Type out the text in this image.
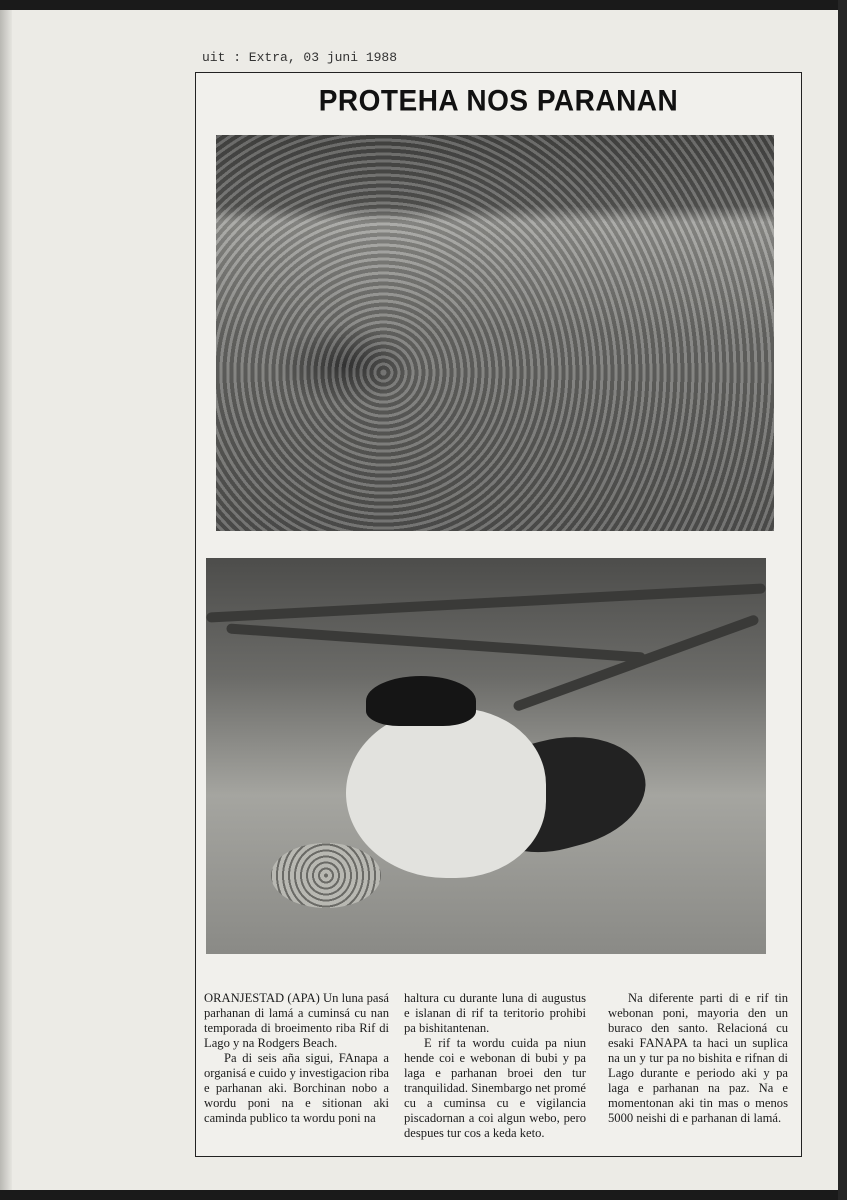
uit : Extra, 03 juni 1988
PROTEHA NOS PARANAN

ORANJESTAD (APA) Un luna pasá parhanan di lamá a cuminsá cu nan temporada di broeimento riba Rif di Lago y na Rodgers Beach.

Pa di seis aña sigui, FAnapa a organisá e cuido y investigacion riba e parhanan aki. Borchinan nobo a wordu poni na e sitionan aki caminda publico ta wordu poni na

haltura cu durante luna di augustus e islanan di rif ta teritorio prohibi pa bishitantenan.

E rif ta wordu cuida pa niun hende coi e webonan di bubi y pa laga e parhanan broei den tur tranquilidad. Sinembargo net promé cu a cuminsa cu e vigilancia piscadornan a coi algun webo, pero despues tur cos a keda keto.

Na diferente parti di e rif tin webonan poni, mayoria den un buraco den santo. Relacioná cu esaki FANAPA ta haci un suplica na un y tur pa no bishita e rifnan di Lago durante e periodo aki y pa laga e parhanan na paz. Na e momentonan aki tin mas o menos 5000 neishi di e parhanan di lamá.
